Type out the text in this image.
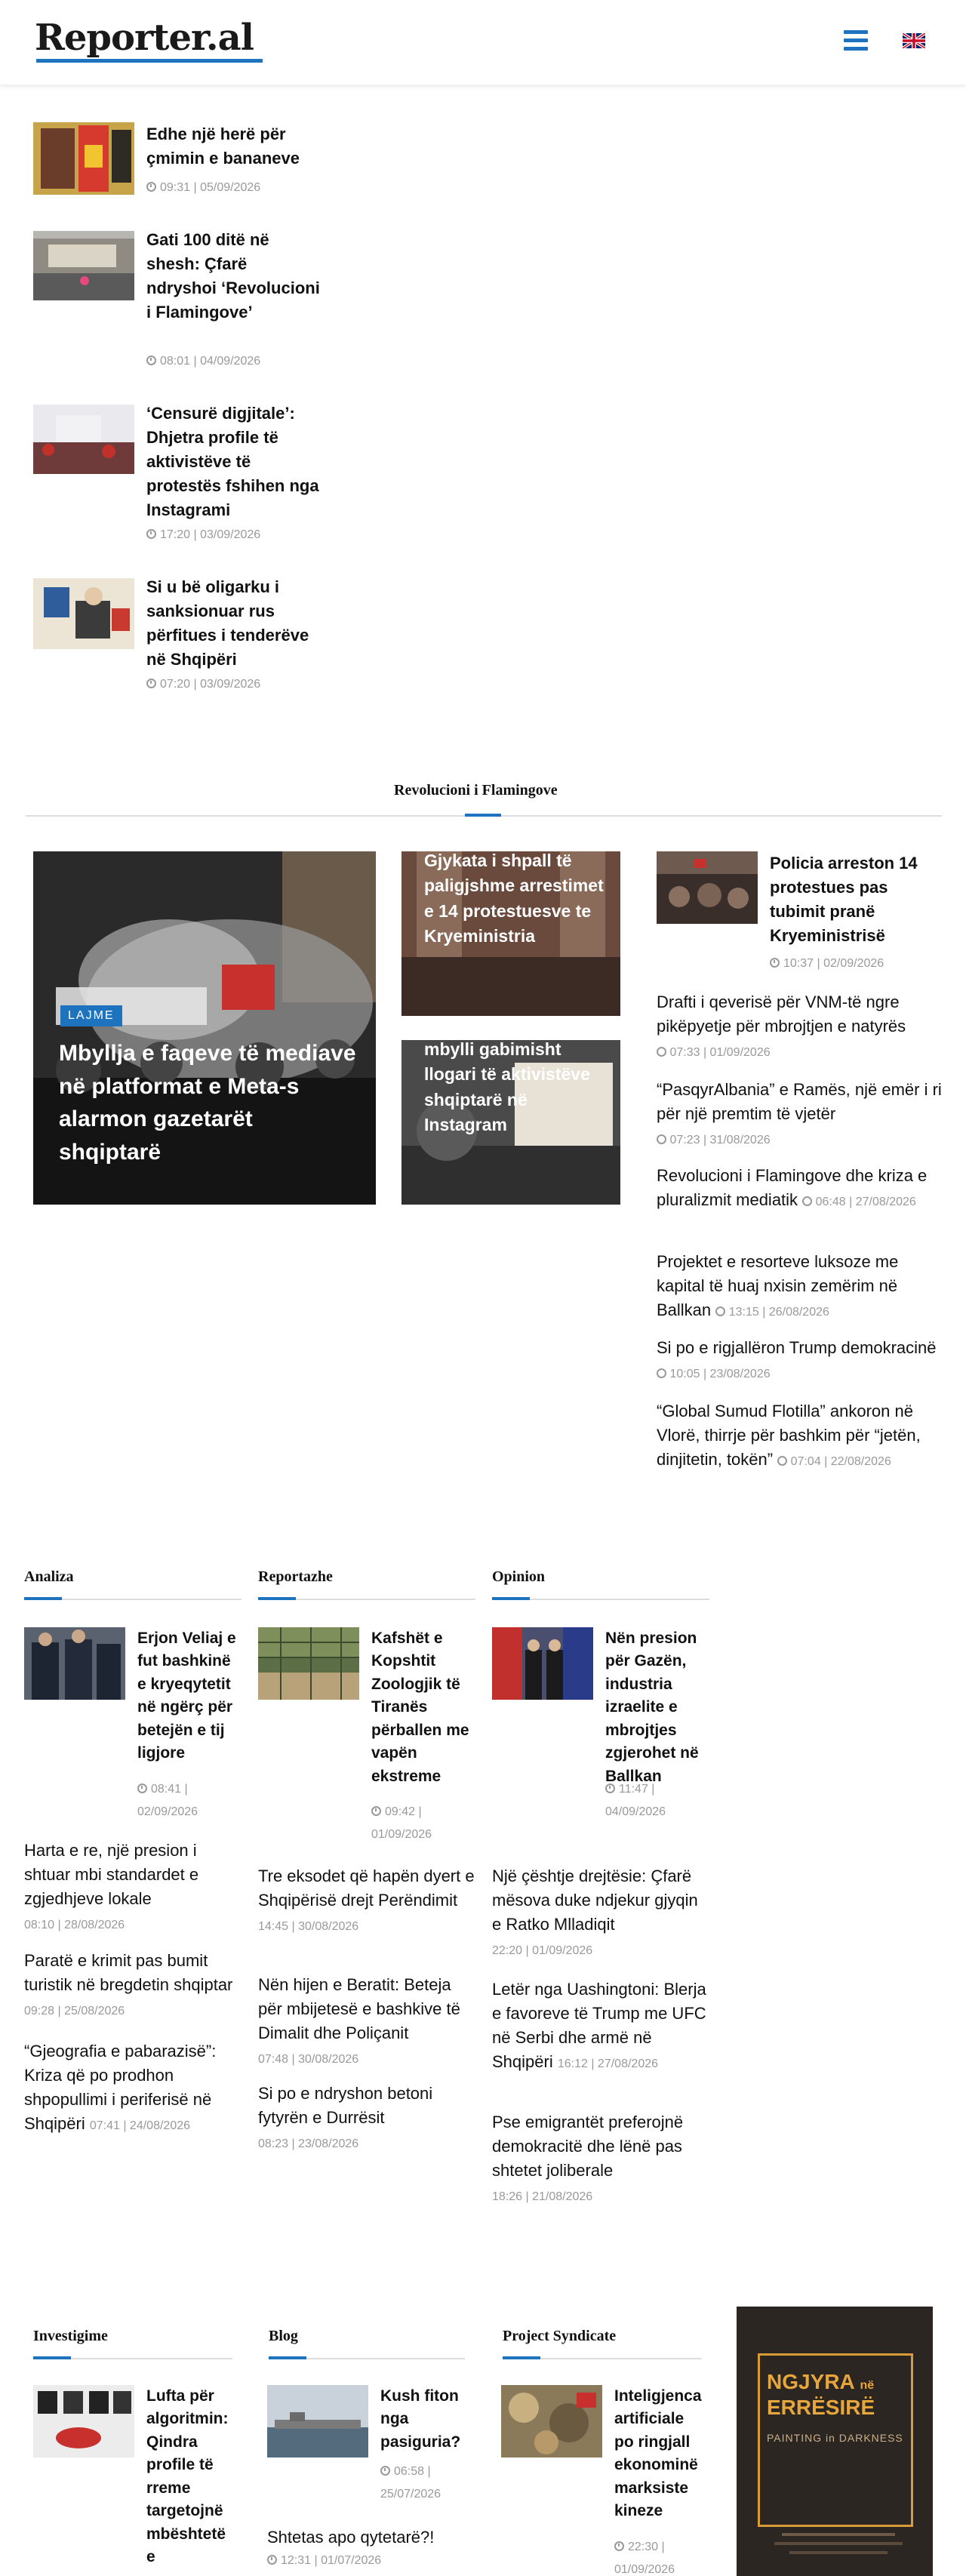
Reporter.al
Edhe një herë për çmimin e bananeve
09:31 | 05/09/2026
Gati 100 ditë në shesh: Çfarë ndryshoi ‘Revolucioni i Flamingove’
08:01 | 04/09/2026
‘Censurë digjitale’: Dhjetra profile të aktivistëve të protestës fshihen nga Instagrami
17:20 | 03/09/2026
Si u bë oligarku i sanksionuar rus përfitues i tenderëve në Shqipëri
07:20 | 03/09/2026
Revolucioni i Flamingove
LAJME
Mbyllja e faqeve të mediave në platformat e Meta-s alarmon gazetarët shqiptarë
Gjykata i shpall të paligjshme arrestimet e 14 protestuesve te Kryeministria
mbylli gabimisht llogari të aktivistëve shqiptarë në Instagram
Policia arreston 14 protestues pas tubimit pranë Kryeministrisë
10:37 | 02/09/2026
Drafti i qeverisë për VNM-të ngre pikëpyetje për mbrojtjen e natyrës  07:33 | 01/09/2026
“PasqyrAlbania” e Ramës, një emër i ri për një premtim të vjetër  07:23 | 31/08/2026
Revolucioni i Flamingove dhe kriza e pluralizmit mediatik 06:48 | 27/08/2026
Projektet e resorteve luksoze me kapital të huaj nxisin zemërim në Ballkan 13:15 | 26/08/2026
Si po e rigjallëron Trump demokracinë  10:05 | 23/08/2026
“Global Sumud Flotilla” ankoron në Vlorë, thirrje për bashkim për “jetën, dinjitetin, tokën” 07:04 | 22/08/2026
Analiza
Erjon Veliaj e fut bashkinë e kryeqytetit në ngërç për betejën e tij ligjore
08:41 | 02/09/2026
Harta e re, një presion i shtuar mbi standardet e zgjedhjeve lokale 08:10 | 28/08/2026
Paratë e krimit pas bumit turistik në bregdetin shqiptar 09:28 | 25/08/2026
“Gjeografia e pabarazisë”: Kriza që po prodhon shpopullimi i periferisë në Shqipëri 07:41 | 24/08/2026
Reportazhe
Kafshët e Kopshtit Zoologjik të Tiranës përballen me vapën ekstreme
09:42 | 01/09/2026
Tre eksodet që hapën dyert e Shqipërisë drejt Perëndimit 14:45 | 30/08/2026
Nën hijen e Beratit: Beteja për mbijetesë e bashkive të Dimalit dhe Poliçanit 07:48 | 30/08/2026
Si po e ndryshon betoni fytyrën e Durrësit 08:23 | 23/08/2026
Opinion
Nën presion për Gazën, industria izraelite e mbrojtjes zgjerohet në Ballkan
11:47 | 04/09/2026
Një çështje drejtësie: Çfarë mësova duke ndjekur gjyqin e Ratko Mlladiqit 22:20 | 01/09/2026
Letër nga Uashingtoni: Blerja e favoreve të Trump me UFC në Serbi dhe armë në Shqipëri 16:12 | 27/08/2026
Pse emigrantët preferojnë demokracitë dhe lënë pas shtetet joliberale 18:26 | 21/08/2026
Investigime
Lufta për algoritmin: Qindra profile të rreme targetojnë mbështetë e
Blog
Kush fiton nga pasiguria?
06:58 | 25/07/2026
Shtetas apo qytetarë?!
12:31 | 01/07/2026
Project Syndicate
Inteligjenca artificiale po ringjall ekonominë marksiste kineze
22:30 | 01/09/2026
NGJYRA në
ERRËSIRË
PAINTING in DARKNESS
